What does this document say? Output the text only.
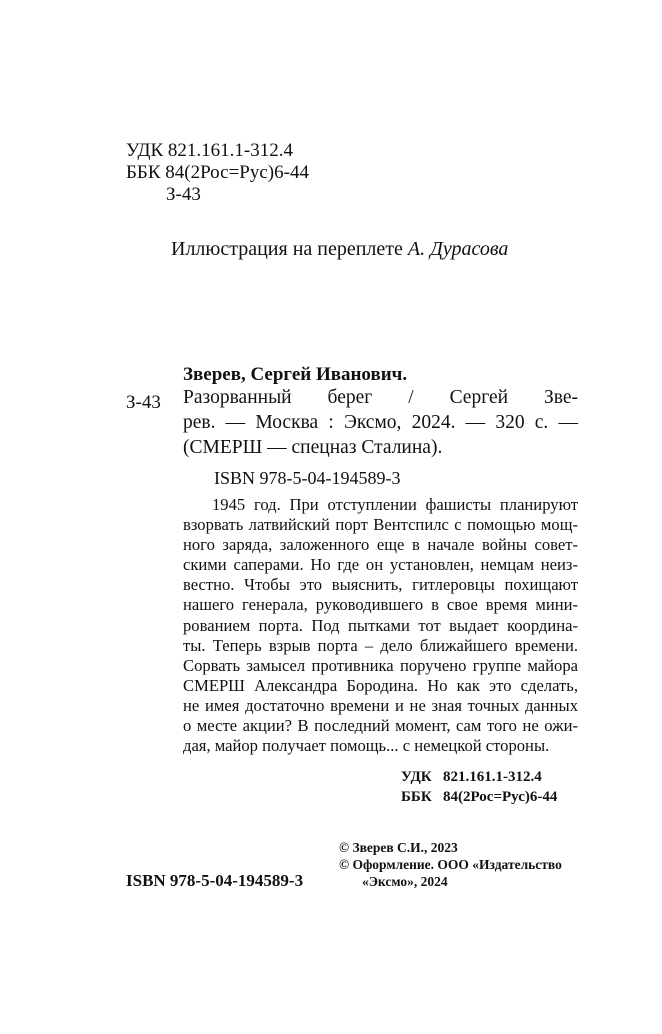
УДК 821.161.1-312.4
ББК 84(2Рос=Рус)6-44
З-43
Иллюстрация на переплете А. Дурасова
Зверев, Сергей Иванович.
З-43 Разорванный берег / Сергей Зве-
рев. — Москва : Эксмо, 2024. — 320 с. —
(СМЕРШ — спецназ Сталина).
ISBN 978-5-04-194589-3
1945 год. При отступлении фашисты планируют
взорвать латвийский порт Вентспилс с помощью мощ-
ного заряда, заложенного еще в начале войны совет-
скими саперами. Но где он установлен, немцам неиз-
вестно. Чтобы это выяснить, гитлеровцы похищают
нашего генерала, руководившего в свое время мини-
рованием порта. Под пытками тот выдает координа-
ты. Теперь взрыв порта – дело ближайшего времени.
Сорвать замысел противника поручено группе майора
СМЕРШ Александра Бородина. Но как это сделать,
не имея достаточно времени и не зная точных данных
о месте акции? В последний момент, сам того не ожи-
дая, майор получает помощь... с немецкой стороны.
УДК 821.161.1-312.4
ББК 84(2Рос=Рус)6-44
© Зверев С.И., 2023
© Оформление. ООО «Издательство
«Эксмо», 2024
ISBN 978-5-04-194589-3
